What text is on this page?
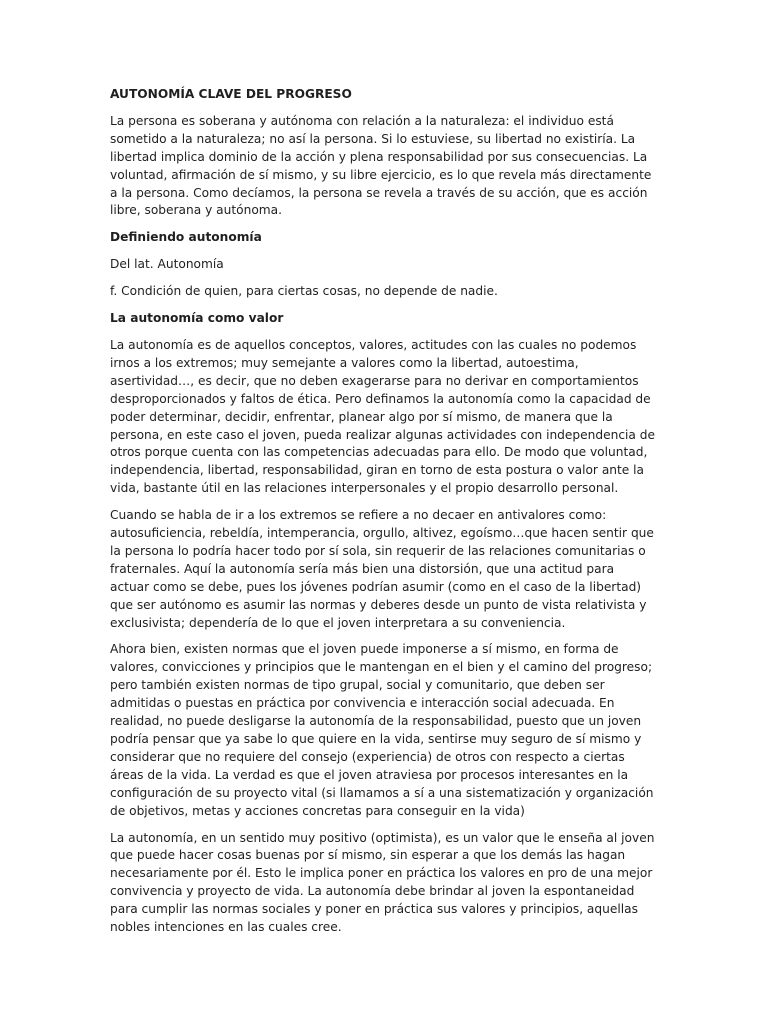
AUTONOMÍA CLAVE DEL PROGRESO

La persona es soberana y autónoma con relación a la naturaleza: el individuo está sometido a la naturaleza; no así la persona. Si lo estuviese, su libertad no existiría. La libertad implica dominio de la acción y plena responsabilidad por sus consecuencias. La voluntad, afirmación de sí mismo, y su libre ejercicio, es lo que revela más directamente a la persona. Como decíamos, la persona se revela a través de su acción, que es acción libre, soberana y autónoma.

Definiendo autonomía

Del lat. Autonomía

f. Condición de quien, para ciertas cosas, no depende de nadie.

La autonomía como valor

La autonomía es de aquellos conceptos, valores, actitudes con las cuales no podemos irnos a los extremos; muy semejante a valores como la libertad, autoestima, asertividad…, es decir, que no deben exagerarse para no derivar en comportamientos desproporcionados y faltos de ética. Pero definamos la autonomía como la capacidad de poder determinar, decidir, enfrentar, planear algo por sí mismo, de manera que la persona, en este caso el joven, pueda realizar algunas actividades con independencia de otros porque cuenta con las competencias adecuadas para ello. De modo que voluntad, independencia, libertad, responsabilidad, giran en torno de esta postura o valor ante la vida, bastante útil en las relaciones interpersonales y el propio desarrollo personal.

Cuando se habla de ir a los extremos se refiere a no decaer en antivalores como: autosuficiencia, rebeldía, intemperancia, orgullo, altivez, egoísmo…que hacen sentir que la persona lo podría hacer todo por sí sola, sin requerir de las relaciones comunitarias o fraternales. Aquí la autonomía sería más bien una distorsión, que una actitud para actuar como se debe, pues los jóvenes podrían asumir (como en el caso de la libertad) que ser autónomo es asumir las normas y deberes desde un punto de vista relativista y exclusivista; dependería de lo que el joven interpretara a su conveniencia.

Ahora bien, existen normas que el joven puede imponerse a sí mismo, en forma de valores, convicciones y principios que le mantengan en el bien y el camino del progreso; pero también existen normas de tipo grupal, social y comunitario, que deben ser admitidas o puestas en práctica por convivencia e interacción social adecuada. En realidad, no puede desligarse la autonomía de la responsabilidad, puesto que un joven podría pensar que ya sabe lo que quiere en la vida, sentirse muy seguro de sí mismo y considerar que no requiere del consejo (experiencia) de otros con respecto a ciertas áreas de la vida. La verdad es que el joven atraviesa por procesos interesantes en la configuración de su proyecto vital (si llamamos a sí a una sistematización y organización de objetivos, metas y acciones concretas para conseguir en la vida)

La autonomía, en un sentido muy positivo (optimista), es un valor que le enseña al joven que puede hacer cosas buenas por sí mismo, sin esperar a que los demás las hagan necesariamente por él. Esto le implica poner en práctica los valores en pro de una mejor convivencia y proyecto de vida. La autonomía debe brindar al joven la espontaneidad para cumplir las normas sociales y poner en práctica sus valores y principios, aquellas nobles intenciones en las cuales cree.
